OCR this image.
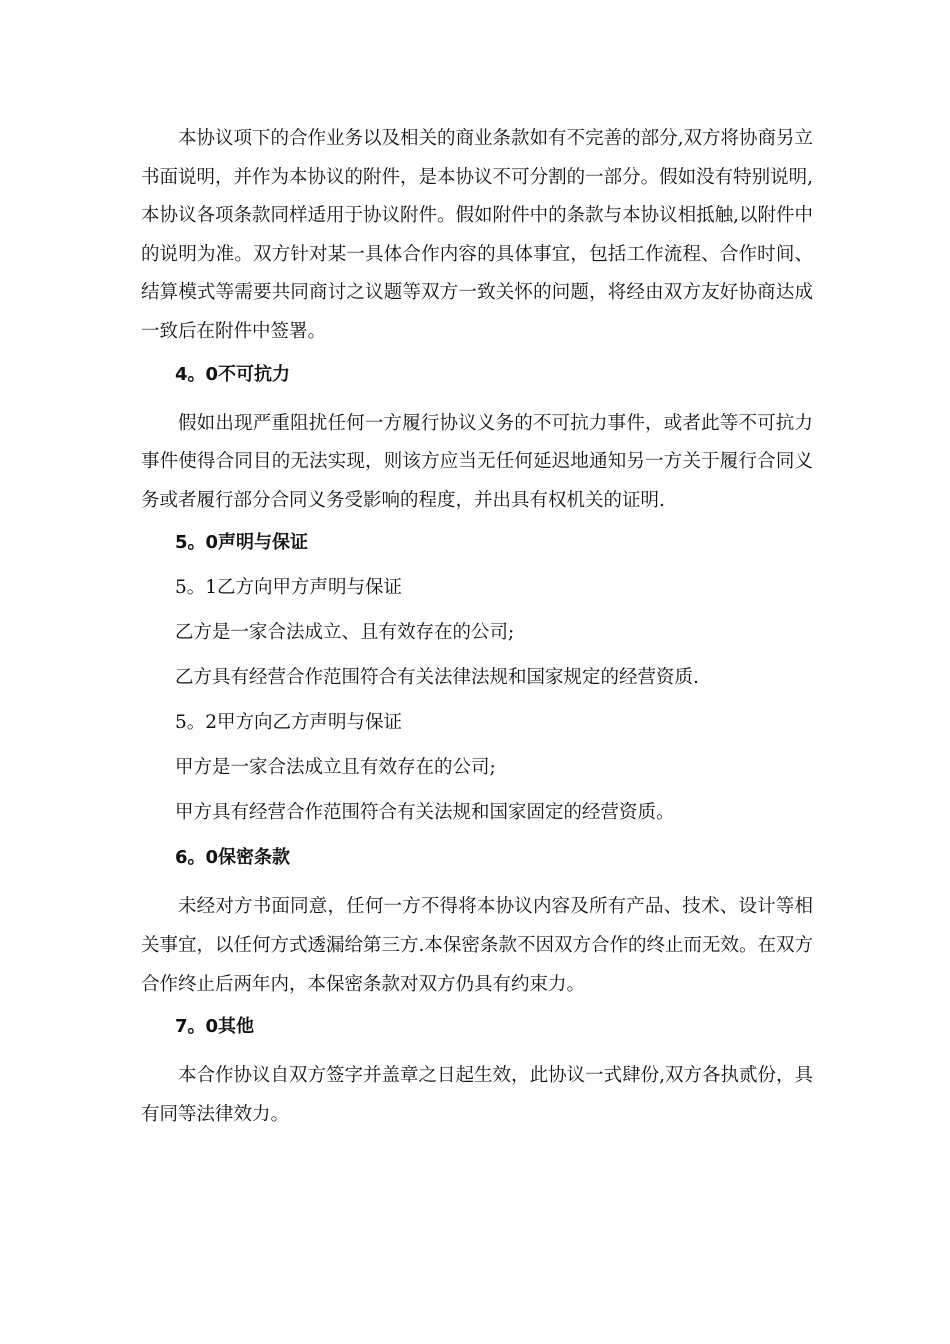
本协议项下的合作业务以及相关的商业条款如有不完善的部分,双方将协商另立书面说明，并作为本协议的附件，是本协议不可分割的一部分。假如没有特别说明,本协议各项条款同样适用于协议附件。假如附件中的条款与本协议相抵触,以附件中的说明为准。双方针对某一具体合作内容的具体事宜，包括工作流程、合作时间、结算模式等需要共同商讨之议题等双方一致关怀的问题，将经由双方友好协商达成一致后在附件中签署。

4。0不可抗力

假如出现严重阻扰任何一方履行协议义务的不可抗力事件，或者此等不可抗力事件使得合同目的无法实现，则该方应当无任何延迟地通知另一方关于履行合同义务或者履行部分合同义务受影响的程度，并出具有权机关的证明.

5。0声明与保证

5。1乙方向甲方声明与保证

乙方是一家合法成立、且有效存在的公司;

乙方具有经营合作范围符合有关法律法规和国家规定的经营资质.

5。2甲方向乙方声明与保证

甲方是一家合法成立且有效存在的公司;

甲方具有经营合作范围符合有关法规和国家固定的经营资质。

6。0保密条款

未经对方书面同意，任何一方不得将本协议内容及所有产品、技术、设计等相关事宜，以任何方式透漏给第三方.本保密条款不因双方合作的终止而无效。在双方合作终止后两年内，本保密条款对双方仍具有约束力。

7。0其他

本合作协议自双方签字并盖章之日起生效，此协议一式肆份,双方各执贰份，具有同等法律效力。
